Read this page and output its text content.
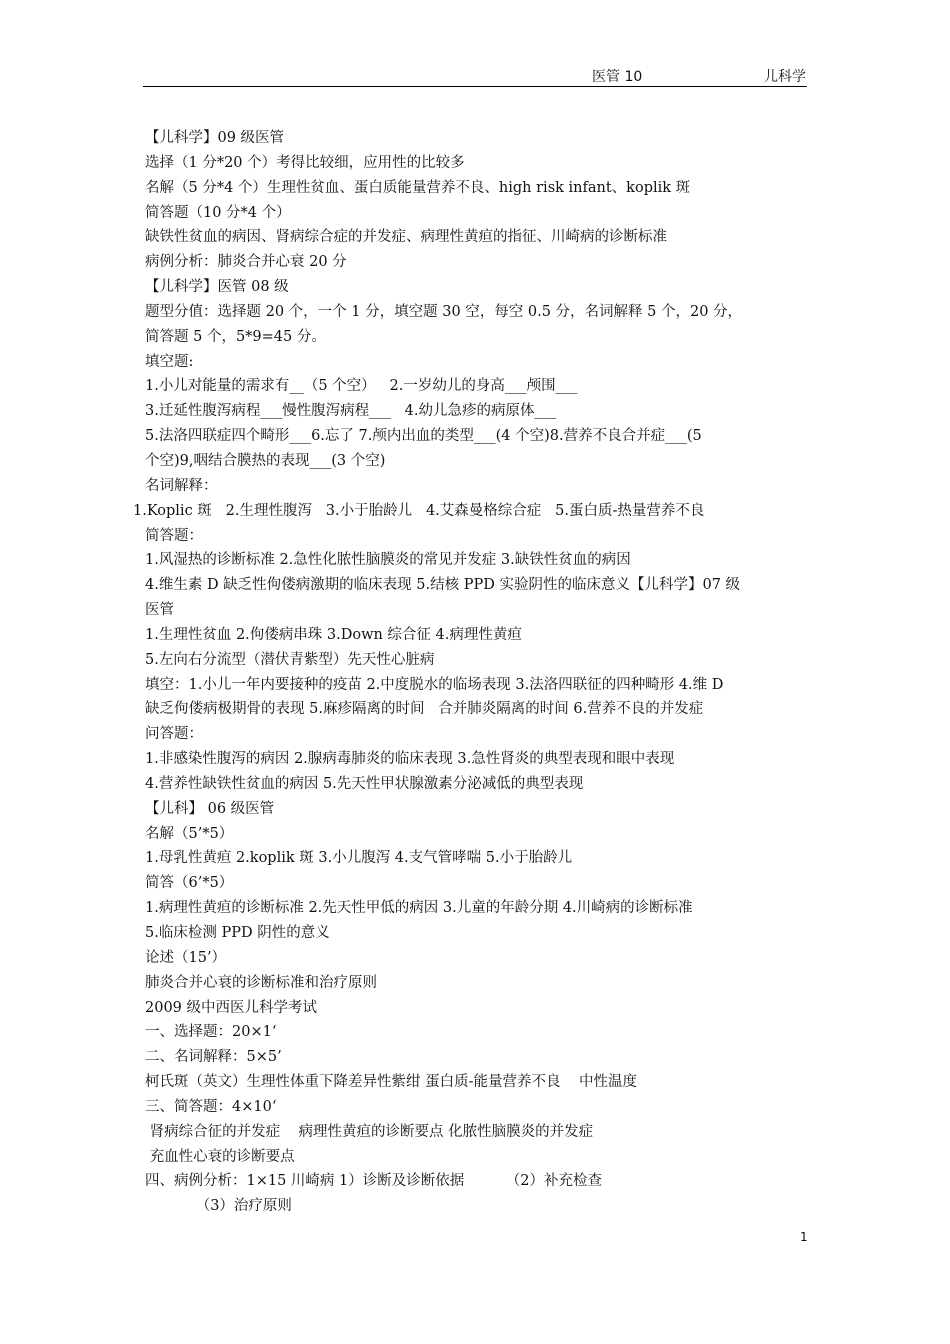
医管 10	儿科学
【儿科学】09 级医管
选择（1 分*20 个）考得比较细，应用性的比较多
名解（5 分*4 个）生理性贫血、蛋白质能量营养不良、high risk infant、koplik 斑
简答题（10 分*4 个）
缺铁性贫血的病因、肾病综合症的并发症、病理性黄疸的指征、川崎病的诊断标准
病例分析：肺炎合并心衰 20 分
【儿科学】医管 08 级
题型分值：选择题 20 个，一个 1 分，填空题 30 空，每空 0.5 分，名词解释 5 个，20 分，
简答题 5 个，5*9=45 分。
填空题:
1.小儿对能量的需求有__（5 个空）   2.一岁幼儿的身高___颅围___
3.迁延性腹泻病程___慢性腹泻病程___   4.幼儿急疹的病原体___
5.法洛四联症四个畸形___6.忘了 7.颅内出血的类型___(4 个空)8.营养不良合并症___(5
个空)9,咽结合膜热的表现___(3 个空)
名词解释：
1.Koplic 斑   2.生理性腹泻   3.小于胎龄儿   4.艾森曼格综合症   5.蛋白质-热量营养不良
简答题：
1.风湿热的诊断标准 2.急性化脓性脑膜炎的常见并发症 3.缺铁性贫血的病因
4.维生素 D 缺乏性佝偻病激期的临床表现 5.结核 PPD 实验阴性的临床意义【儿科学】07 级
医管
1.生理性贫血 2.佝偻病串珠 3.Down 综合征 4.病理性黄疸
5.左向右分流型（潜伏青紫型）先天性心脏病
填空：1.小儿一年内要接种的疫苗 2.中度脱水的临场表现 3.法洛四联征的四种畸形 4.维 D
缺乏佝偻病极期骨的表现 5.麻疹隔离的时间   合并肺炎隔离的时间 6.营养不良的并发症
问答题：
1.非感染性腹泻的病因 2.腺病毒肺炎的临床表现 3.急性肾炎的典型表现和眼中表现
4.营养性缺铁性贫血的病因 5.先天性甲状腺激素分泌减低的典型表现
【儿科】 06 级医管
名解（5’*5）
1.母乳性黄疸 2.koplik 斑 3.小儿腹泻 4.支气管哮喘 5.小于胎龄儿
简答（6’*5）
1.病理性黄疸的诊断标准 2.先天性甲低的病因 3.儿童的年龄分期 4.川崎病的诊断标准
5.临床检测 PPD 阴性的意义
论述（15’）
肺炎合并心衰的诊断标准和治疗原则
2009 级中西医儿科学考试
一、选择题：20×1‘
二、名词解释：5×5’
柯氏斑（英文）生理性体重下降差异性紫绀 蛋白质-能量营养不良    中性温度
三、简答题：4×10‘
肾病综合征的并发症    病理性黄疸的诊断要点 化脓性脑膜炎的并发症
充血性心衰的诊断要点
四、病例分析：1×15 川崎病 1）诊断及诊断依据         （2）补充检查
（3）治疗原则
1
